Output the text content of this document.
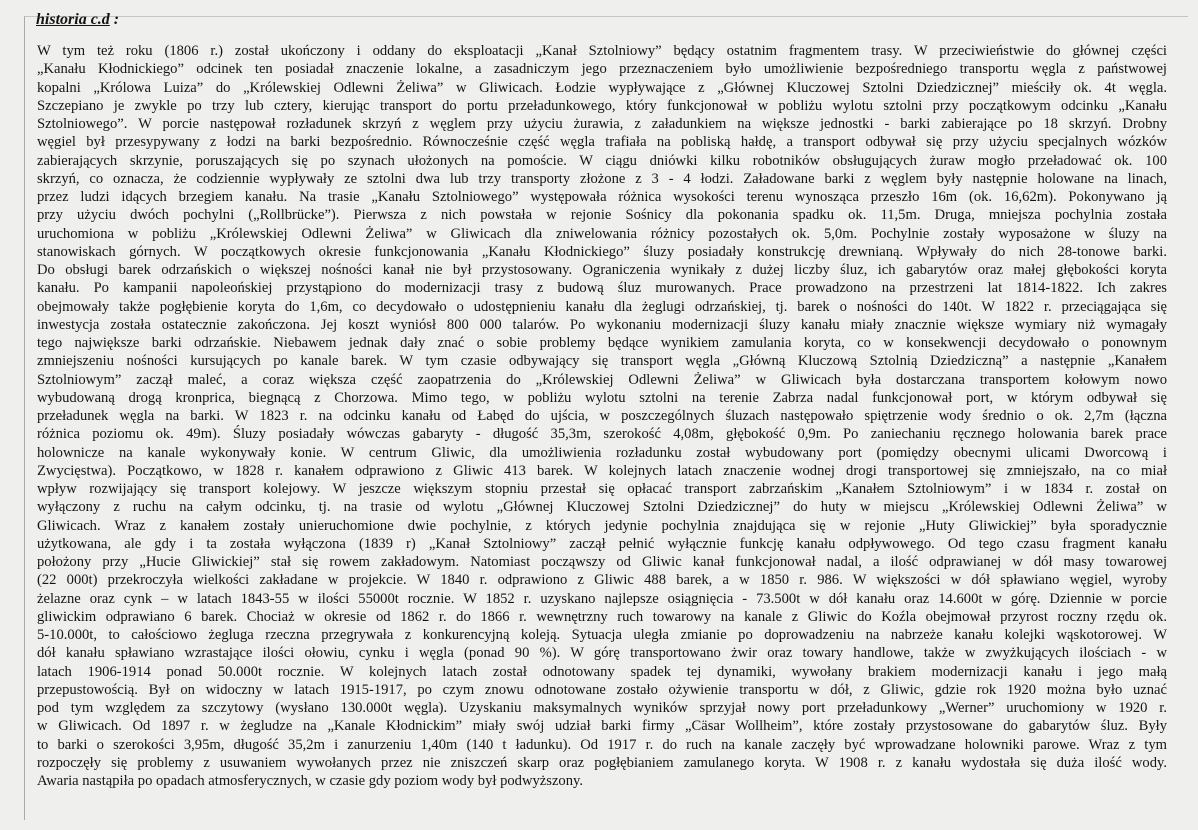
historia c.d :
W tym też roku (1806 r.) został ukończony i oddany do eksploatacji „Kanał Sztolniowy” będący ostatnim fragmentem trasy. W przeciwieństwie do głównej części
„Kanału Kłodnickiego” odcinek ten posiadał znaczenie lokalne, a zasadniczym jego przeznaczeniem było umożliwienie bezpośredniego transportu węgla z państwowej
kopalni „Królowa Luiza” do „Królewskiej Odlewni Żeliwa” w Gliwicach. Łodzie wypływające z „Głównej Kluczowej Sztolni Dziedzicznej” mieściły ok. 4t węgla.
Szczepiano je zwykle po trzy lub cztery, kierując transport do portu przeładunkowego, który funkcjonował w pobliżu wylotu sztolni przy początkowym odcinku „Kanału
Sztolniowego”. W porcie następował rozładunek skrzyń z węglem przy użyciu żurawia, z załadunkiem na większe jednostki - barki zabierające po 18 skrzyń. Drobny
węgiel był przesypywany z łodzi na barki bezpośrednio. Równocześnie część węgla trafiała na pobliską hałdę, a transport odbywał się przy użyciu specjalnych wózków
zabierających skrzynie, poruszających się po szynach ułożonych na pomoście. W ciągu dniówki kilku robotników obsługujących żuraw mogło przeładować ok. 100
skrzyń, co oznacza, że codziennie wypływały ze sztolni dwa lub trzy transporty złożone z 3 - 4 łodzi. Załadowane barki z węglem były następnie holowane na linach,
przez ludzi idących brzegiem kanału. Na trasie „Kanału Sztolniowego” występowała różnica wysokości terenu wynosząca przeszło 16m (ok. 16,62m). Pokonywano ją
przy użyciu dwóch pochylni („Rollbrücke”). Pierwsza z nich powstała w rejonie Sośnicy dla pokonania spadku ok. 11,5m. Druga, mniejsza pochylnia została
uruchomiona w pobliżu „Królewskiej Odlewni Żeliwa” w Gliwicach dla zniwelowania różnicy pozostałych ok. 5,0m. Pochylnie zostały wyposażone w śluzy na
stanowiskach górnych. W początkowych okresie funkcjonowania „Kanału Kłodnickiego” śluzy posiadały konstrukcję drewnianą. Wpływały do nich 28-tonowe barki.
Do obsługi barek odrzańskich o większej nośności kanał nie był przystosowany. Ograniczenia wynikały z dużej liczby śluz, ich gabarytów oraz małej głębokości koryta
kanału. Po kampanii napoleońskiej przystąpiono do modernizacji trasy z budową śluz murowanych. Prace prowadzono na przestrzeni lat 1814-1822. Ich zakres
obejmowały także pogłębienie koryta do 1,6m, co decydowało o udostępnieniu kanału dla żeglugi odrzańskiej, tj. barek o nośności do 140t. W 1822 r. przeciągająca się
inwestycja została ostatecznie zakończona. Jej koszt wyniósł 800 000 talarów. Po wykonaniu modernizacji śluzy kanału miały znacznie większe wymiary niż wymagały
tego największe barki odrzańskie. Niebawem jednak dały znać o sobie problemy będące wynikiem zamulania koryta, co w konsekwencji decydowało o ponownym
zmniejszeniu nośności kursujących po kanale barek. W tym czasie odbywający się transport węgla „Główną Kluczową Sztolnią Dziedziczną” a następnie „Kanałem
Sztolniowym” zaczął maleć, a coraz większa część zaopatrzenia do „Królewskiej Odlewni Żeliwa” w Gliwicach była dostarczana transportem kołowym nowo
wybudowaną drogą kronprica, biegnącą z Chorzowa. Mimo tego, w pobliżu wylotu sztolni na terenie Zabrza nadal funkcjonował port, w którym odbywał się
przeładunek węgla na barki. W 1823 r. na odcinku kanału od Łabęd do ujścia, w poszczególnych śluzach następowało spiętrzenie wody średnio o ok. 2,7m (łączna
różnica poziomu ok. 49m). Śluzy posiadały wówczas gabaryty - długość 35,3m, szerokość 4,08m, głębokość 0,9m. Po zaniechaniu ręcznego holowania barek prace
holownicze na kanale wykonywały konie. W centrum Gliwic, dla umożliwienia rozładunku został wybudowany port (pomiędzy obecnymi ulicami Dworcową i
Zwycięstwa). Początkowo, w 1828 r. kanałem odprawiono z Gliwic 413 barek. W kolejnych latach znaczenie wodnej drogi transportowej się zmniejszało, na co miał
wpływ rozwijający się transport kolejowy. W jeszcze większym stopniu przestał się opłacać transport zabrzańskim „Kanałem Sztolniowym” i w 1834 r. został on
wyłączony z ruchu na całym odcinku, tj. na trasie od wylotu „Głównej Kluczowej Sztolni Dziedzicznej” do huty w miejscu „Królewskiej Odlewni Żeliwa” w
Gliwicach. Wraz z kanałem zostały unieruchomione dwie pochylnie, z których jedynie pochylnia znajdująca się w rejonie „Huty Gliwickiej” była sporadycznie
użytkowana, ale gdy i ta została wyłączona (1839 r) „Kanał Sztolniowy” zaczął pełnić wyłącznie funkcję kanału odpływowego. Od tego czasu fragment kanału
położony przy „Hucie Gliwickiej” stał się rowem zakładowym. Natomiast począwszy od Gliwic kanał funkcjonował nadal, a ilość odprawianej w dół masy towarowej
(22 000t) przekroczyła wielkości zakładane w projekcie. W 1840 r. odprawiono z Gliwic 488 barek, a w 1850 r. 986. W większości w dół spławiano węgiel, wyroby
żelazne oraz cynk – w latach 1843-55 w ilości 55000t rocznie. W 1852 r. uzyskano najlepsze osiągnięcia - 73.500t w dół kanału oraz 14.600t w górę. Dziennie w porcie
gliwickim odprawiano 6 barek. Chociaż w okresie od 1862 r. do 1866 r. wewnętrzny ruch towarowy na kanale z Gliwic do Koźla obejmował przyrost roczny rzędu ok.
5-10.000t, to całościowo żegluga rzeczna przegrywała z konkurencyjną koleją. Sytuacja uległa zmianie po doprowadzeniu na nabrzeże kanału kolejki wąskotorowej. W
dół kanału spławiano wzrastające ilości ołowiu, cynku i węgla (ponad 90 %). W górę transportowano żwir oraz towary handlowe, także w zwyżkujących ilościach - w
latach 1906-1914 ponad 50.000t rocznie. W kolejnych latach został odnotowany spadek tej dynamiki, wywołany brakiem modernizacji kanału i jego małą
przepustowością. Był on widoczny w latach 1915-1917, po czym znowu odnotowane zostało ożywienie transportu w dół, z Gliwic, gdzie rok 1920 można było uznać
pod tym względem za szczytowy (wysłano 130.000t węgla). Uzyskaniu maksymalnych wyników sprzyjał nowy port przeładunkowy „Werner” uruchomiony w 1920 r.
w Gliwicach. Od 1897 r. w żegludze na „Kanale Kłodnickim” miały swój udział barki firmy „Cäsar Wollheim”, które zostały przystosowane do gabarytów śluz. Były
to barki o szerokości 3,95m, długość 35,2m i zanurzeniu 1,40m (140 t ładunku). Od 1917 r. do ruch na kanale zaczęły być wprowadzane holowniki parowe. Wraz z tym
rozpoczęły się problemy z usuwaniem wywołanych przez nie zniszczeń skarp oraz pogłębianiem zamulanego koryta. W 1908 r. z kanału wydostała się duża ilość wody.
Awaria nastąpiła po opadach atmosferycznych, w czasie gdy poziom wody był podwyższony.
